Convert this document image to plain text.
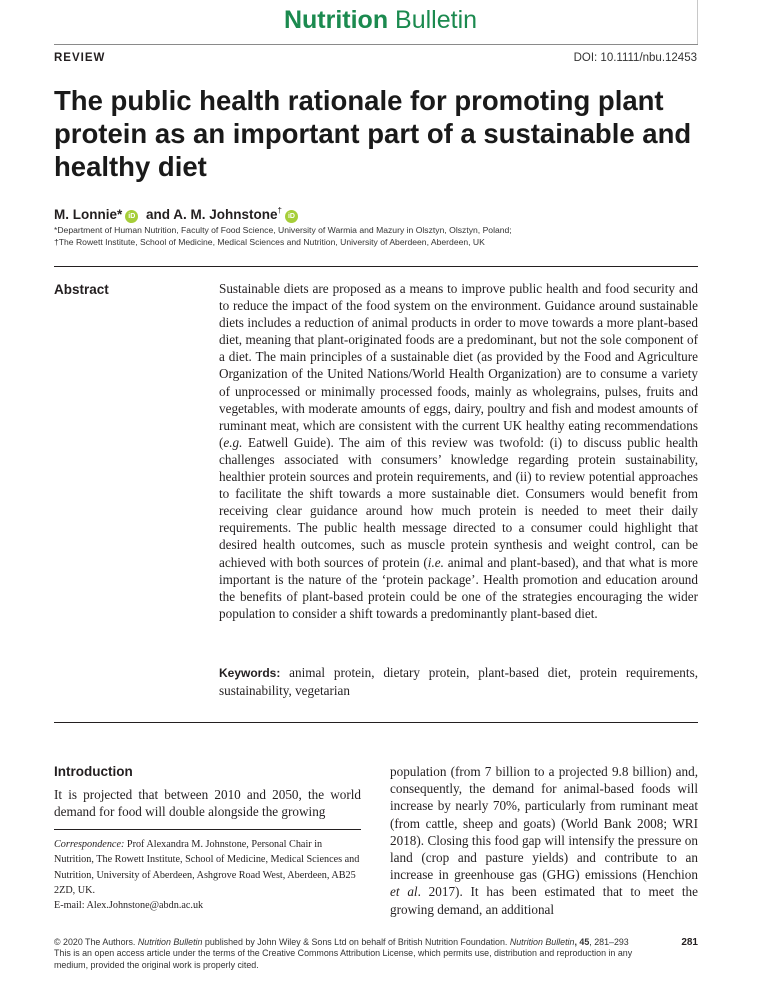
Nutrition Bulletin
REVIEW	DOI: 10.1111/nbu.12453
The public health rationale for promoting plant protein as an important part of a sustainable and healthy diet
M. Lonnie* iD and A. M. Johnstone†iD
*Department of Human Nutrition, Faculty of Food Science, University of Warmia and Mazury in Olsztyn, Olsztyn, Poland;
†The Rowett Institute, School of Medicine, Medical Sciences and Nutrition, University of Aberdeen, Aberdeen, UK
Abstract	Sustainable diets are proposed as a means to improve public health and food security and to reduce the impact of the food system on the environment. Guidance around sustainable diets includes a reduction of animal products in order to move towards a more plant-based diet, meaning that plant-originated foods are a predominant, but not the sole component of a diet. The main principles of a sustainable diet (as provided by the Food and Agriculture Organization of the United Nations/World Health Organization) are to consume a variety of unprocessed or minimally processed foods, mainly as wholegrains, pulses, fruits and vegetables, with moderate amounts of eggs, dairy, poultry and fish and modest amounts of ruminant meat, which are consistent with the current UK healthy eating recommendations (e.g. Eatwell Guide). The aim of this review was twofold: (i) to discuss public health challenges associated with consumers’ knowledge regarding protein sustainability, healthier protein sources and protein requirements, and (ii) to review potential approaches to facilitate the shift towards a more sustainable diet. Consumers would benefit from receiving clear guidance around how much protein is needed to meet their daily requirements. The public health message directed to a consumer could highlight that desired health outcomes, such as muscle protein synthesis and weight control, can be achieved with both sources of protein (i.e. animal and plant-based), and that what is more important is the nature of the ‘protein package’. Health promotion and education around the benefits of plant-based protein could be one of the strategies encouraging the wider population to consider a shift towards a predominantly plant-based diet.
Keywords: animal protein, dietary protein, plant-based diet, protein requirements, sustainability, vegetarian
Introduction
It is projected that between 2010 and 2050, the world demand for food will double alongside the growing
population (from 7 billion to a projected 9.8 billion) and, consequently, the demand for animal-based foods will increase by nearly 70%, particularly from ruminant meat (from cattle, sheep and goats) (World Bank 2008; WRI 2018). Closing this food gap will intensify the pressure on land (crop and pasture yields) and contribute to an increase in greenhouse gas (GHG) emissions (Henchion et al. 2017). It has been estimated that to meet the growing demand, an additional
Correspondence: Prof Alexandra M. Johnstone, Personal Chair in Nutrition, The Rowett Institute, School of Medicine, Medical Sciences and Nutrition, University of Aberdeen, Ashgrove Road West, Aberdeen, AB25 2ZD, UK.
E-mail: Alex.Johnstone@abdn.ac.uk
© 2020 The Authors. Nutrition Bulletin published by John Wiley & Sons Ltd on behalf of British Nutrition Foundation. Nutrition Bulletin, 45, 281–293
This is an open access article under the terms of the Creative Commons Attribution License, which permits use, distribution and reproduction in any medium, provided the original work is properly cited.
281
